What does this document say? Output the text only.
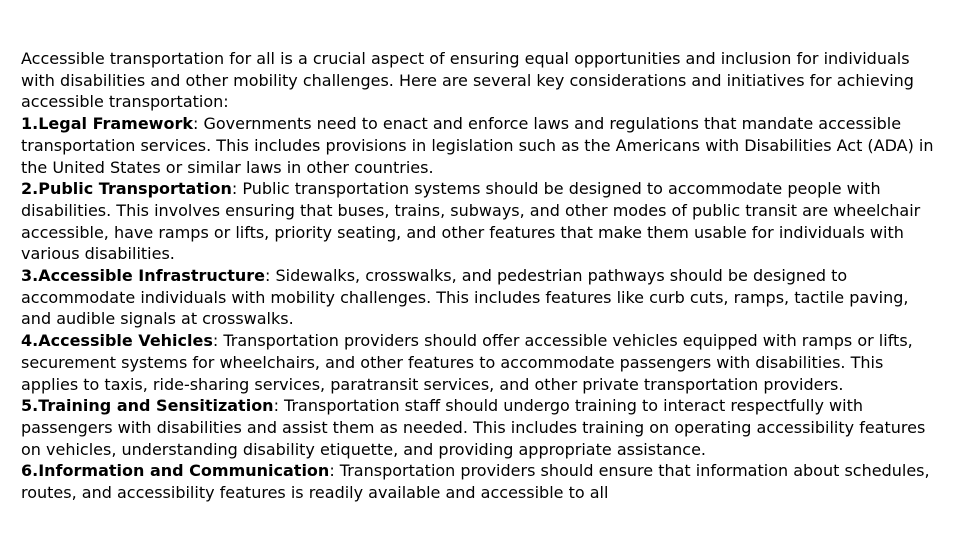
Accessible transportation for all is a crucial aspect of ensuring equal opportunities and inclusion for individuals with disabilities and other mobility challenges. Here are several key considerations and initiatives for achieving accessible transportation:

1.Legal Framework: Governments need to enact and enforce laws and regulations that mandate accessible transportation services. This includes provisions in legislation such as the Americans with Disabilities Act (ADA) in the United States or similar laws in other countries.

2.Public Transportation: Public transportation systems should be designed to accommodate people with disabilities. This involves ensuring that buses, trains, subways, and other modes of public transit are wheelchair accessible, have ramps or lifts, priority seating, and other features that make them usable for individuals with various disabilities.

3.Accessible Infrastructure: Sidewalks, crosswalks, and pedestrian pathways should be designed to accommodate individuals with mobility challenges. This includes features like curb cuts, ramps, tactile paving, and audible signals at crosswalks.

4.Accessible Vehicles: Transportation providers should offer accessible vehicles equipped with ramps or lifts, securement systems for wheelchairs, and other features to accommodate passengers with disabilities. This applies to taxis, ride-sharing services, paratransit services, and other private transportation providers.

5.Training and Sensitization: Transportation staff should undergo training to interact respectfully with passengers with disabilities and assist them as needed. This includes training on operating accessibility features on vehicles, understanding disability etiquette, and providing appropriate assistance.

6.Information and Communication: Transportation providers should ensure that information about schedules, routes, and accessibility features is readily available and accessible to all
